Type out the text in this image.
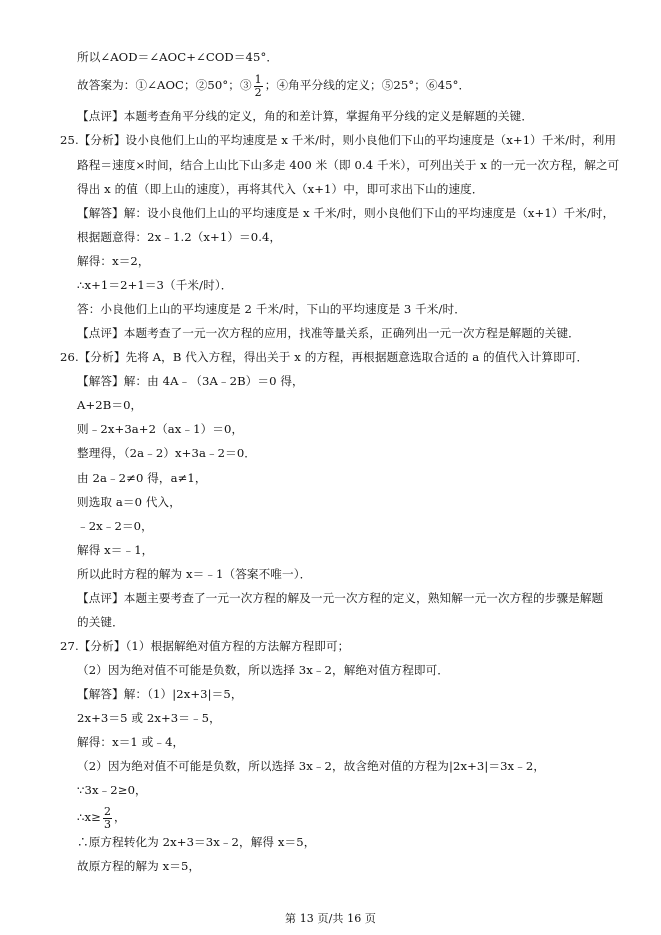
所以∠AOD＝∠AOC+∠COD＝45°．
故答案为：①∠AOC；②50°；③ $\frac{1}{2}$ ；④角平分线的定义；⑤25°；⑥45°．
【点评】本题考查角平分线的定义，角的和差计算，掌握角平分线的定义是解题的关键．
25.【分析】设小良他们上山的平均速度是 x 千米/时，则小良他们下山的平均速度是（x+1）千米/时，利用
路程＝速度×时间，结合上山比下山多走 400 米（即 0.4 千米），可列出关于 x 的一元一次方程，解之可
得出 x 的值（即上山的速度），再将其代入（x+1）中，即可求出下山的速度．
【解答】解：设小良他们上山的平均速度是 x 千米/时，则小良他们下山的平均速度是（x+1）千米/时，
根据题意得：2x﹣1.2（x+1）＝0.4，
解得：x＝2，
∴x+1＝2+1＝3（千米/时）．
答：小良他们上山的平均速度是 2 千米/时，下山的平均速度是 3 千米/时．
【点评】本题考查了一元一次方程的应用，找准等量关系，正确列出一元一次方程是解题的关键．
26.【分析】先将 A，B 代入方程，得出关于 x 的方程，再根据题意选取合适的 a 的值代入计算即可．
【解答】解：由 4A﹣（3A﹣2B）＝0 得，
A+2B＝0，
则﹣2x+3a+2（ax﹣1）＝0，
整理得，（2a﹣2）x+3a﹣2＝0．
由 2a﹣2≠0 得，a≠1，
则选取 a＝0 代入，
﹣2x﹣2＝0，
解得 x＝﹣1，
所以此时方程的解为 x＝﹣1（答案不唯一）．
【点评】本题主要考查了一元一次方程的解及一元一次方程的定义，熟知解一元一次方程的步骤是解题
的关键．
27.【分析】（1）根据解绝对值方程的方法解方程即可；
（2）因为绝对值不可能是负数，所以选择 3x﹣2，解绝对值方程即可．
【解答】解：（1）|2x+3|＝5，
2x+3＝5 或 2x+3＝﹣5，
解得：x＝1 或﹣4，
（2）因为绝对值不可能是负数，所以选择 3x﹣2，故含绝对值的方程为|2x+3|＝3x﹣2，
∵3x﹣2≥0，
∴x≥ $\frac{2}{3}$ ，
∴原方程转化为 2x+3＝3x﹣2，解得 x＝5，
故原方程的解为 x＝5，
第 13 页/共 16 页
